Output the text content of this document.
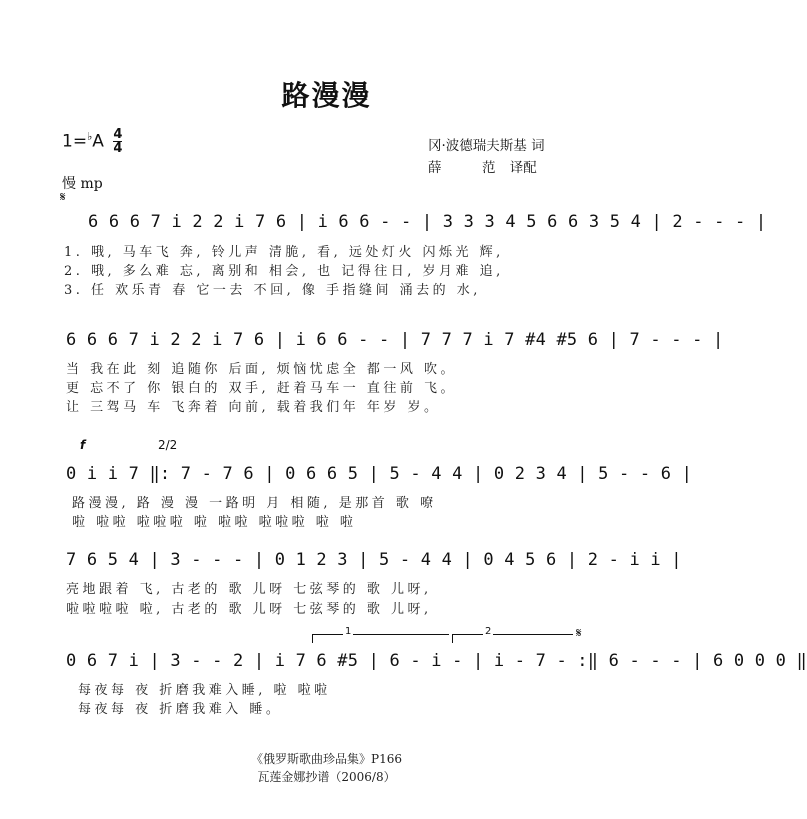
路漫漫
$1=^♭A \frac{4}{4}$	冈·波德瑞夫斯基 词
薛　　　范 译配
慢 mp
𝄋
6 6 6 7 i 2 2 i 7 6 | i 6 6 - - | 3 3 3 4 5 6 6 3 5 4 | 2 - - - |
1. 哦, 马车飞 奔, 铃儿声 清脆, 看, 远处灯火 闪烁光 辉,
2. 哦, 多么难 忘, 离别和 相会, 也 记得往日, 岁月难 追,
3. 任 欢乐青 春 它一去 不回, 像 手指缝间 涌去的 水,
6 6 6 7 i 2 2 i 7 6 | i 6 6 - - | 7 7 7 i 7 #4 #5 6 | 7 - - - |
当 我在此 刻 追随你 后面, 烦恼忧虑全 都一风 吹。
更 忘不了 你 银白的 双手, 赶着马车一 直往前 飞。
让 三驾马 车 飞奔着 向前, 载着我们年 年岁 岁。
f	2/2
0 i i 7 ‖: 7 - 7 6 | 0 6 6 5 | 5 - 4 4 | 0 2 3 4 | 5 - - 6 |
路漫漫, 路 漫 漫 一路明 月 相随, 是那首 歌 嘹
啦 啦啦 啦啦啦 啦 啦啦 啦啦啦 啦 啦
7 6 5 4 | 3 - - - | 0 1 2 3 | 5 - 4 4 | 0 4 5 6 | 2 - i i |
亮地跟着 飞, 古老的 歌 儿呀 七弦琴的 歌 儿呀,
啦啦啦啦 啦, 古老的 歌 儿呀 七弦琴的 歌 儿呀,
1	2	𝄋
0 6 7 i | 3 - - 2 | i 7 6 #5 | 6 - i - | i - 7 - :‖ 6 - - - | 6 0 0 0 ‖
每夜每 夜 折磨我难入睡, 啦 啦啦
每夜每 夜 折磨我难入 睡。
《俄罗斯歌曲珍品集》P166
瓦莲金娜抄谱（2006/8）
